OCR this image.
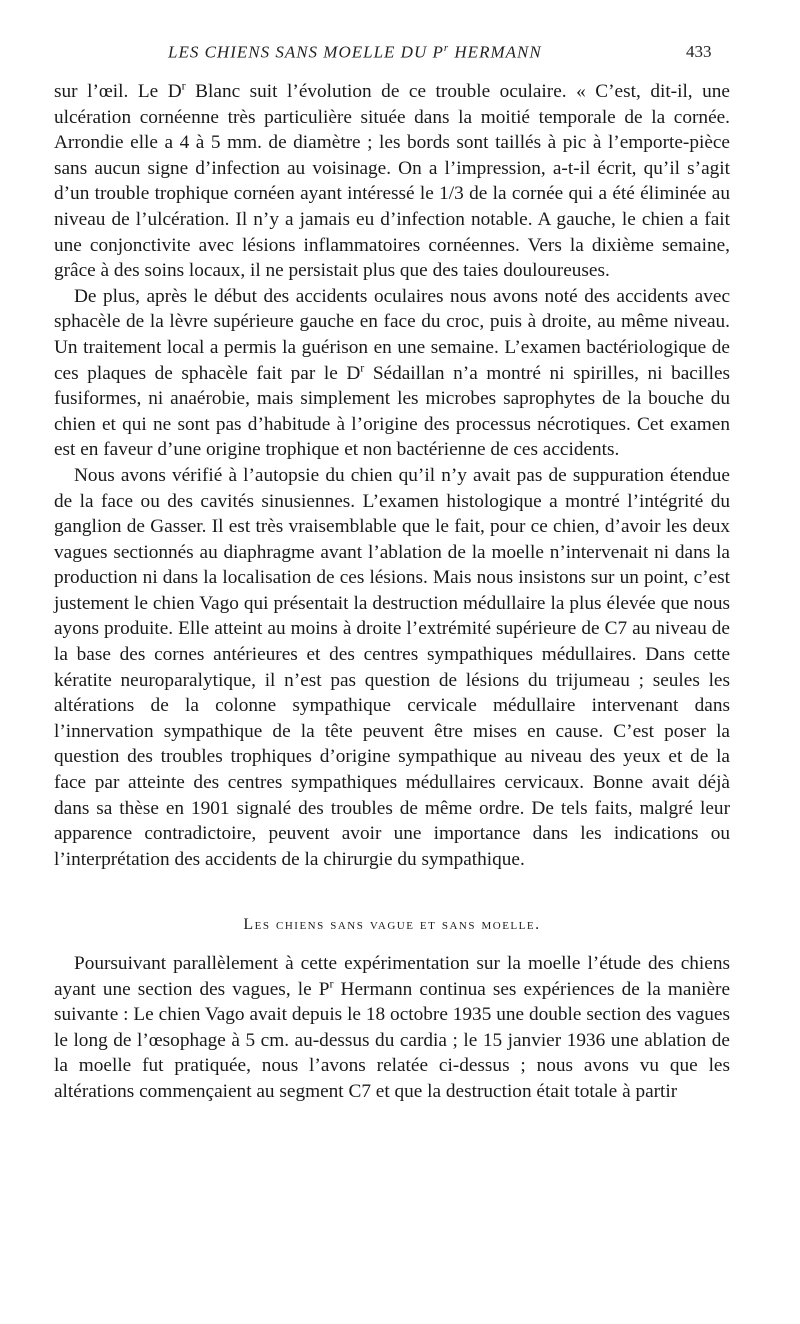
LES CHIENS SANS MOELLE DU $P^r$ HERMANN	433

sur l’œil. Le $D^r$ Blanc suit l’évolution de ce trouble oculaire. « C’est, dit-il, une ulcération cornéenne très particulière située dans la moitié temporale de la cornée. Arrondie elle a 4 à 5 mm. de diamètre ; les bords sont taillés à pic à l’emporte-pièce sans aucun signe d’infection au voisinage. On a l’impression, a-t-il écrit, qu’il s’agit d’un trouble trophique cornéen ayant intéressé le 1/3 de la cornée qui a été éliminée au niveau de l’ulcération. Il n’y a jamais eu d’infection notable. A gauche, le chien a fait une conjonctivite avec lésions inflammatoires cornéennes. Vers la dixième semaine, grâce à des soins locaux, il ne persistait plus que des taies douloureuses.

De plus, après le début des accidents oculaires nous avons noté des accidents avec sphacèle de la lèvre supérieure gauche en face du croc, puis à droite, au même niveau. Un traitement local a permis la guérison en une semaine. L’examen bactériologique de ces plaques de sphacèle fait par le $D^r$ Sédaillan n’a montré ni spirilles, ni bacilles fusiformes, ni anaérobie, mais simplement les microbes saprophytes de la bouche du chien et qui ne sont pas d’habitude à l’origine des processus nécrotiques. Cet examen est en faveur d’une origine trophique et non bactérienne de ces accidents.

Nous avons vérifié à l’autopsie du chien qu’il n’y avait pas de suppuration étendue de la face ou des cavités sinusiennes. L’examen histologique a montré l’intégrité du ganglion de Gasser. Il est très vraisemblable que le fait, pour ce chien, d’avoir les deux vagues sectionnés au diaphragme avant l’ablation de la moelle n’intervenait ni dans la production ni dans la localisation de ces lésions. Mais nous insistons sur un point, c’est justement le chien Vago qui présentait la destruction médullaire la plus élevée que nous ayons produite. Elle atteint au moins à droite l’extrémité supérieure de C7 au niveau de la base des cornes antérieures et des centres sympathiques médullaires. Dans cette kératite neuroparalytique, il n’est pas question de lésions du trijumeau ; seules les altérations de la colonne sympathique cervicale médullaire intervenant dans l’innervation sympathique de la tête peuvent être mises en cause. C’est poser la question des troubles trophiques d’origine sympathique au niveau des yeux et de la face par atteinte des centres sympathiques médullaires cervicaux. Bonne avait déjà dans sa thèse en 1901 signalé des troubles de même ordre. De tels faits, malgré leur apparence contradictoire, peuvent avoir une importance dans les indications ou l’interprétation des accidents de la chirurgie du sympathique.

Les chiens sans vague et sans moelle.

Poursuivant parallèlement à cette expérimentation sur la moelle l’étude des chiens ayant une section des vagues, le $P^r$ Hermann continua ses expériences de la manière suivante : Le chien Vago avait depuis le 18 octobre 1935 une double section des vagues le long de l’œsophage à 5 cm. au-dessus du cardia ; le 15 janvier 1936 une ablation de la moelle fut pratiquée, nous l’avons relatée ci-dessus ; nous avons vu que les altérations commençaient au segment C7 et que la destruction était totale à partir
